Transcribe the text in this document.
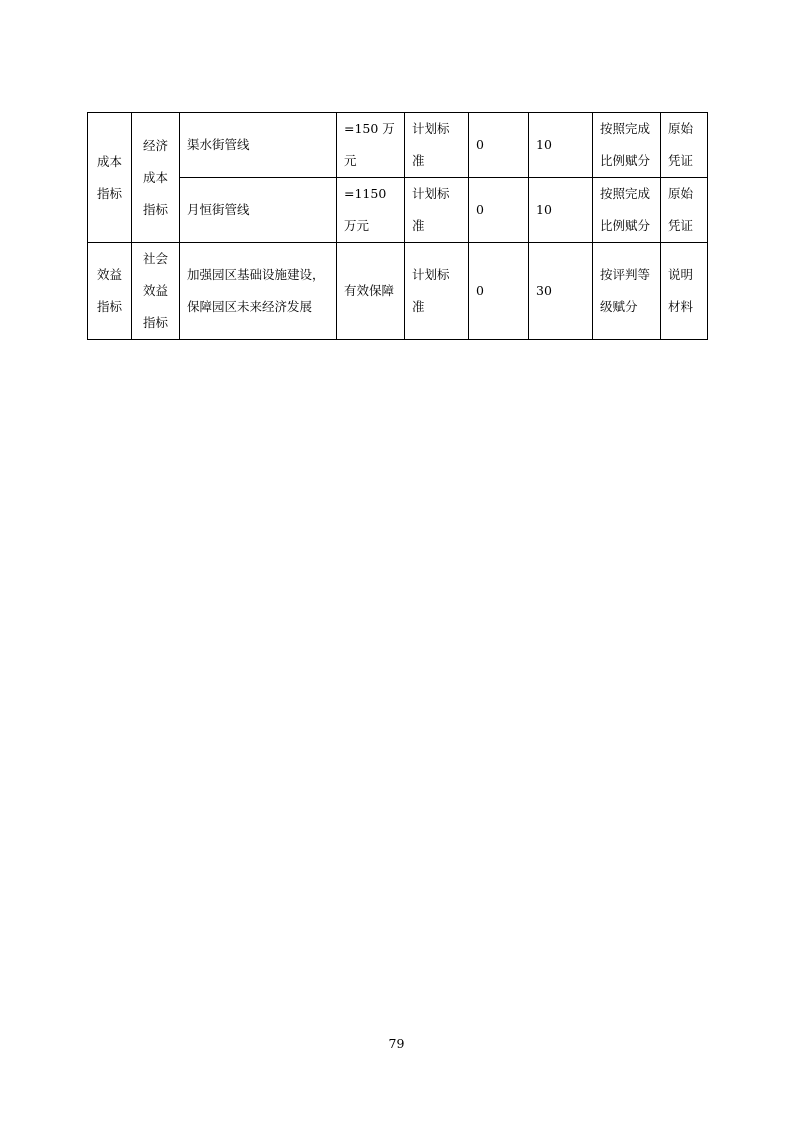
成本指标	经济成本指标	渠水街管线	=150 万元	计划标准	0	10	按照完成比例赋分	原始凭证
		月恒街管线	=1150 万元	计划标准	0	10	按照完成比例赋分	原始凭证
效益指标	社会效益指标	加强园区基础设施建设，保障园区未来经济发展	有效保障	计划标准	0	30	按评判等级赋分	说明材料
79
